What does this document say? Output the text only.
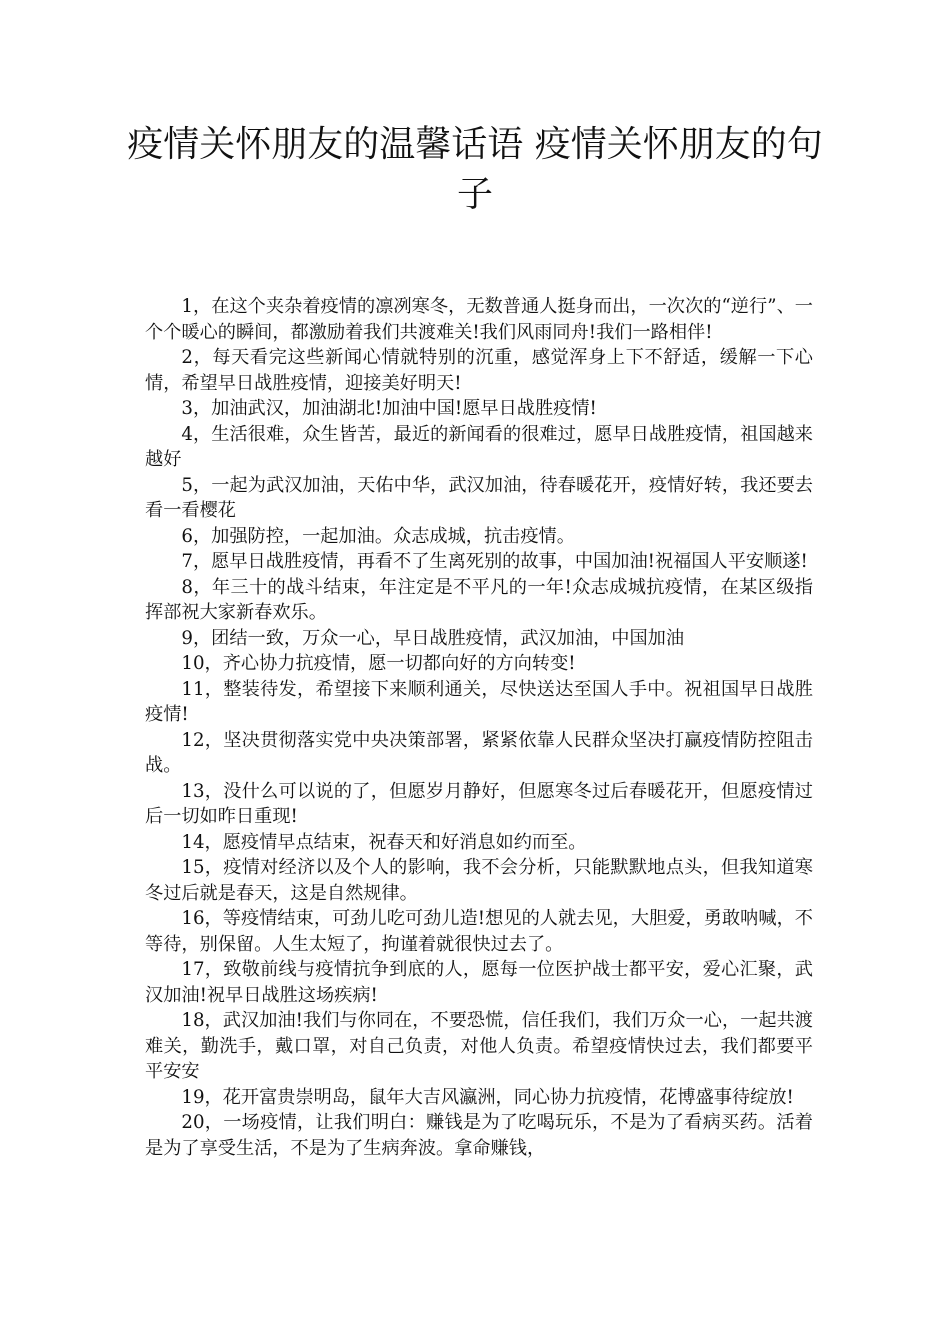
疫情关怀朋友的温馨话语 疫情关怀朋友的句子

1，在这个夹杂着疫情的凛冽寒冬，无数普通人挺身而出，一次次的“逆行”、一个个暖心的瞬间，都激励着我们共渡难关!我们风雨同舟!我们一路相伴!

2，每天看完这些新闻心情就特别的沉重，感觉浑身上下不舒适，缓解一下心情，希望早日战胜疫情，迎接美好明天!

3，加油武汉，加油湖北!加油中国!愿早日战胜疫情!

4，生活很难，众生皆苦，最近的新闻看的很难过，愿早日战胜疫情，祖国越来越好

5，一起为武汉加油，天佑中华，武汉加油，待春暖花开，疫情好转，我还要去看一看樱花

6，加强防控，一起加油。众志成城，抗击疫情。

7，愿早日战胜疫情，再看不了生离死别的故事，中国加油!祝福国人平安顺遂!

8，年三十的战斗结束，年注定是不平凡的一年!众志成城抗疫情，在某区级指挥部祝大家新春欢乐。

9，团结一致，万众一心，早日战胜疫情，武汉加油，中国加油

10，齐心协力抗疫情，愿一切都向好的方向转变!

11，整装待发，希望接下来顺利通关，尽快送达至国人手中。祝祖国早日战胜疫情!

12，坚决贯彻落实党中央决策部署，紧紧依靠人民群众坚决打赢疫情防控阻击战。

13，没什么可以说的了，但愿岁月静好，但愿寒冬过后春暖花开，但愿疫情过后一切如昨日重现!

14，愿疫情早点结束，祝春天和好消息如约而至。

15，疫情对经济以及个人的影响，我不会分析，只能默默地点头，但我知道寒冬过后就是春天，这是自然规律。

16，等疫情结束，可劲儿吃可劲儿造!想见的人就去见，大胆爱，勇敢呐喊，不等待，别保留。人生太短了，拘谨着就很快过去了。

17，致敬前线与疫情抗争到底的人，愿每一位医护战士都平安，爱心汇聚，武汉加油!祝早日战胜这场疾病!

18，武汉加油!我们与你同在，不要恐慌，信任我们，我们万众一心，一起共渡难关，勤洗手，戴口罩，对自己负责，对他人负责。希望疫情快过去，我们都要平平安安

19，花开富贵崇明岛，鼠年大吉风瀛洲，同心协力抗疫情，花博盛事待绽放!

20，一场疫情，让我们明白：赚钱是为了吃喝玩乐，不是为了看病买药。活着是为了享受生活，不是为了生病奔波。拿命赚钱，
